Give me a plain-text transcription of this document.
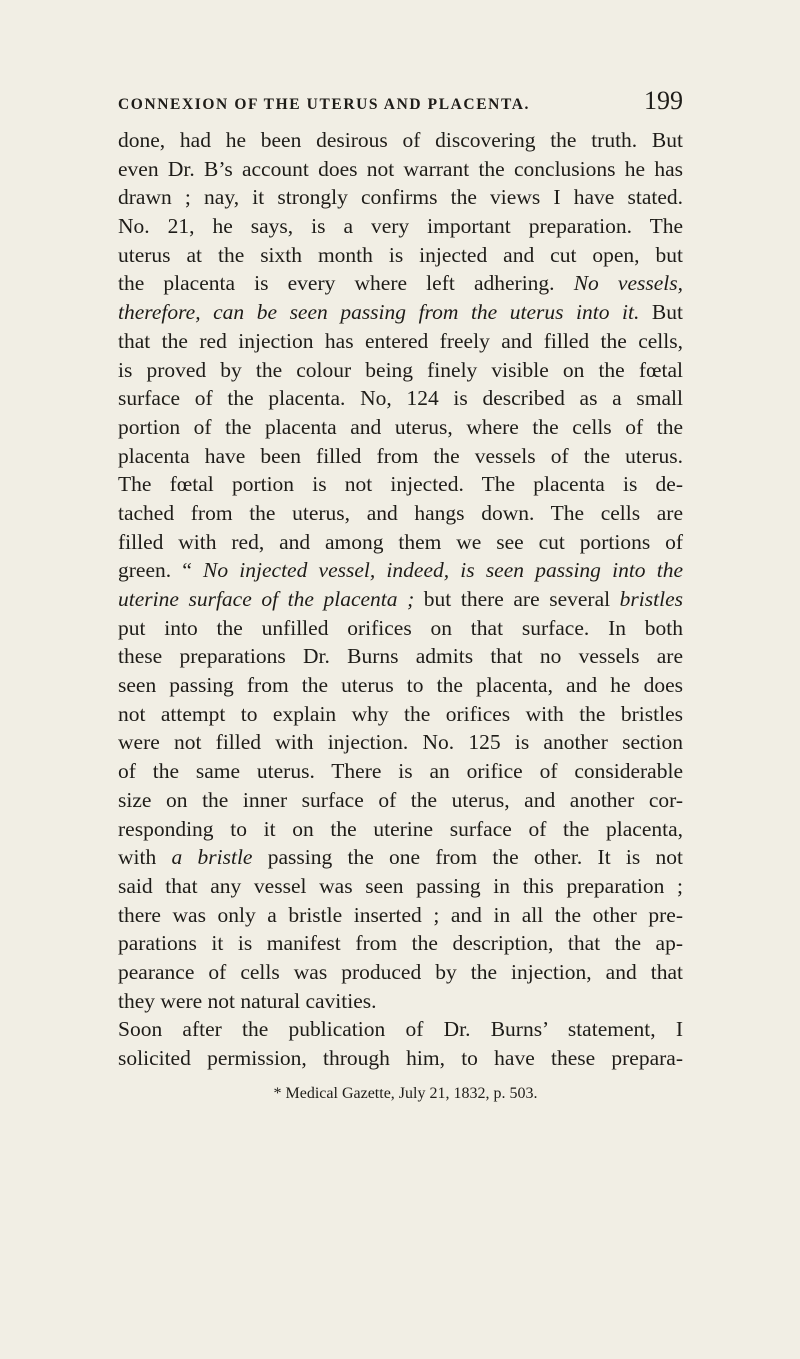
CONNEXION OF THE UTERUS AND PLACENTA.	199
done, had he been desirous of discovering the truth. But
even Dr. B’s account does not warrant the conclusions he has
drawn ; nay, it strongly confirms the views I have stated.
No. 21, he says, is a very important preparation. The
uterus at the sixth month is injected and cut open, but
the placenta is every where left adhering. No vessels,
therefore, can be seen passing from the uterus into it. But
that the red injection has entered freely and filled the cells,
is proved by the colour being finely visible on the fœtal
surface of the placenta. No, 124 is described as a small
portion of the placenta and uterus, where the cells of the
placenta have been filled from the vessels of the uterus.
The fœtal portion is not injected. The placenta is de-
tached from the uterus, and hangs down. The cells are
filled with red, and among them we see cut portions of
green. “ No injected vessel, indeed, is seen passing into the
uterine surface of the placenta ; but there are several bristles
put into the unfilled orifices on that surface. In both
these preparations Dr. Burns admits that no vessels are
seen passing from the uterus to the placenta, and he does
not attempt to explain why the orifices with the bristles
were not filled with injection. No. 125 is another section
of the same uterus. There is an orifice of considerable
size on the inner surface of the uterus, and another cor-
responding to it on the uterine surface of the placenta,
with a bristle passing the one from the other. It is not
said that any vessel was seen passing in this preparation ;
there was only a bristle inserted ; and in all the other pre-
parations it is manifest from the description, that the ap-
pearance of cells was produced by the injection, and that
they were not natural cavities.
Soon after the publication of Dr. Burns’ statement, I
solicited permission, through him, to have these prepara-
* Medical Gazette, July 21, 1832, p. 503.
